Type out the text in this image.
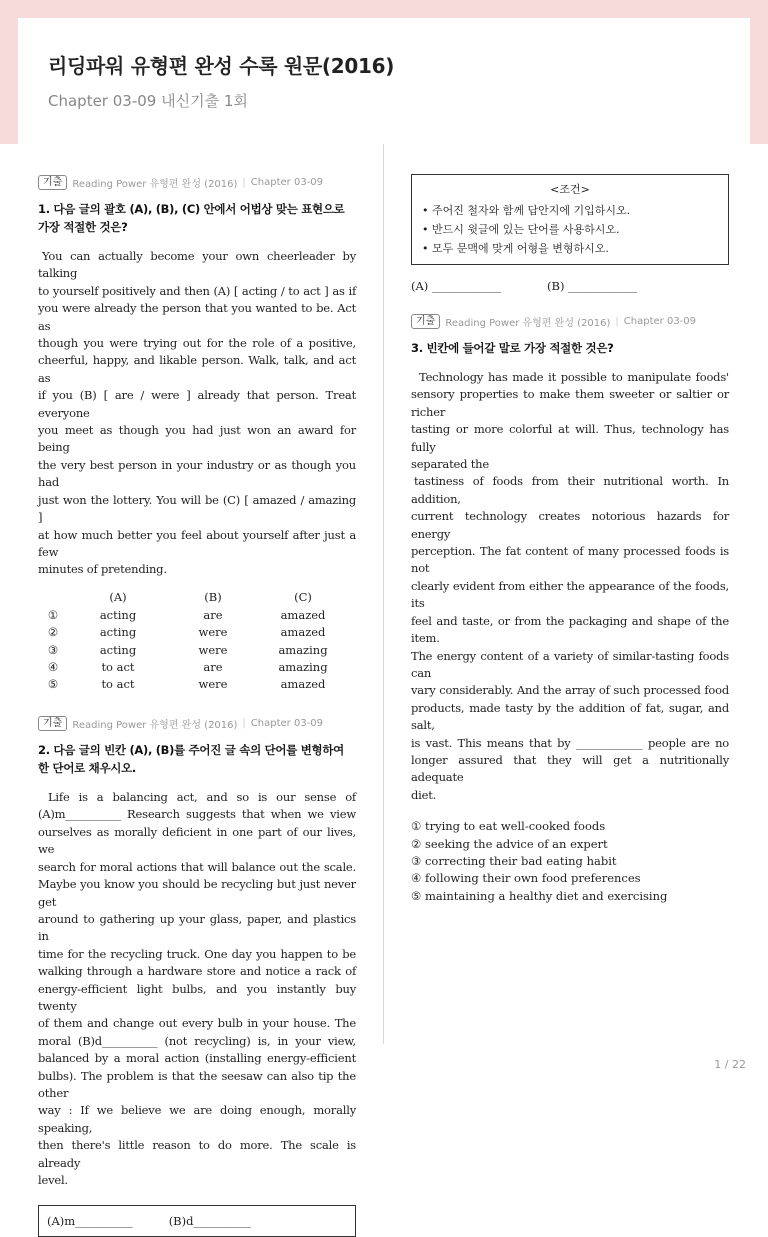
리딩파워 유형편 완성 수록 원문(2016)
Chapter 03-09 내신기출 1회
기출	Reading Power 유형편 완성 (2016) | Chapter 03-09
1. 다음 글의 괄호 (A), (B), (C) 안에서 어법상 맞는 표현으로
가장 적절한 것은?
You can actually become your own cheerleader by talking
to yourself positively and then (A) [ acting / to act ] as if
you were already the person that you wanted to be. Act as
though you were trying out for the role of a positive,
cheerful, happy, and likable person. Walk, talk, and act as
if you (B) [ are / were ] already that person. Treat everyone
you meet as though you had just won an award for being
the very best person in your industry or as though you had
just won the lottery. You will be (C) [ amazed / amazing ]
at how much better you feel about yourself after just a few
minutes of pretending.
	(A)	(B)	(C)
①	acting	are	amazed
②	acting	were	amazed
③	acting	were	amazing
④	to act	are	amazing
⑤	to act	were	amazed
기출	Reading Power 유형편 완성 (2016) | Chapter 03-09
2. 다음 글의 빈칸 (A), (B)를 주어진 글 속의 단어를 변형하여
한 단어로 채우시오.
Life is a balancing act, and so is our sense of
(A)m__________ Research suggests that when we view
ourselves as morally deficient in one part of our lives, we
search for moral actions that will balance out the scale.
Maybe you know you should be recycling but just never get
around to gathering up your glass, paper, and plastics in
time for the recycling truck. One day you happen to be
walking through a hardware store and notice a rack of
energy-efficient light bulbs, and you instantly buy twenty
of them and change out every bulb in your house. The
moral (B)d__________ (not recycling) is, in your view,
balanced by a moral action (installing energy-efficient
bulbs). The problem is that the seesaw can also tip the other
way : If we believe we are doing enough, morally speaking,
then there's little reason to do more. The scale is already
level.
(A)m__________	(B)d__________
<조건>
• 주어진 철자와 함께 답안지에 기입하시오.
• 반드시 윗글에 있는 단어를 사용하시오.
• 모두 문맥에 맞게 어형을 변형하시오.
(A) ____________	(B) ____________
기출	Reading Power 유형편 완성 (2016) | Chapter 03-09
3. 빈칸에 들어갈 말로 가장 적절한 것은?
Technology has made it possible to manipulate foods'
sensory properties to make them sweeter or saltier or richer
tasting or more colorful at will. Thus, technology has fully
separated the
tastiness of foods from their nutritional worth. In addition,
current technology creates notorious hazards for energy
perception. The fat content of many processed foods is not
clearly evident from either the appearance of the foods, its
feel and taste, or from the packaging and shape of the item.
The energy content of a variety of similar-tasting foods can
vary considerably. And the array of such processed food
products, made tasty by the addition of fat, sugar, and salt,
is vast. This means that by ____________ people are no
longer assured that they will get a nutritionally adequate
diet.
① trying to eat well-cooked foods
② seeking the advice of an expert
③ correcting their bad eating habit
④ following their own food preferences
⑤ maintaining a healthy diet and exercising
1 / 22
